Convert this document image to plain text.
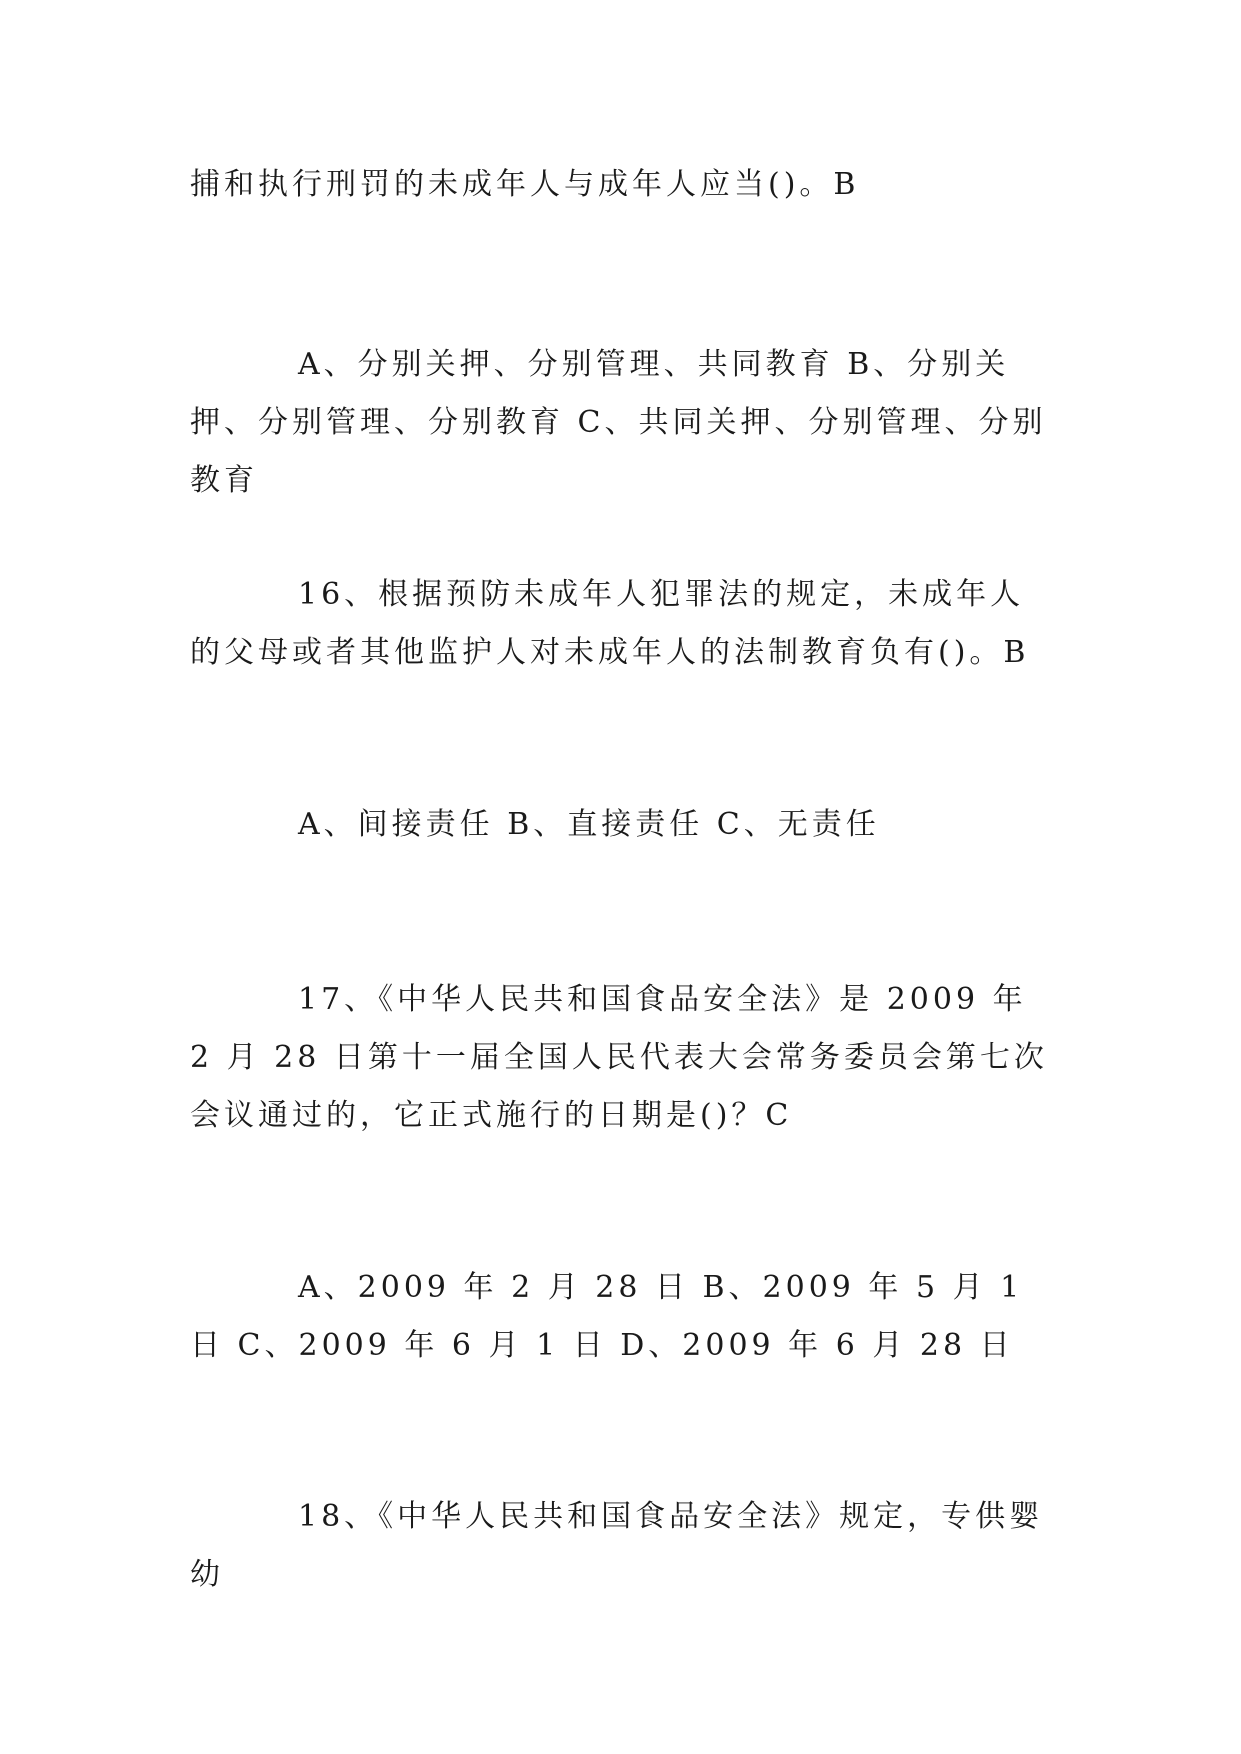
捕和执行刑罚的未成年人与成年人应当()。B

A、分别关押、分别管理、共同教育 B、分别关押、分别管理、分别教育 C、共同关押、分别管理、分别教育

16、根据预防未成年人犯罪法的规定，未成年人的父母或者其他监护人对未成年人的法制教育负有()。B

A、间接责任 B、直接责任 C、无责任

17、《中华人民共和国食品安全法》是 2009 年 2 月 28 日第十一届全国人民代表大会常务委员会第七次会议通过的，它正式施行的日期是()？C

A、2009 年 2 月 28 日 B、2009 年 5 月 1 日 C、2009 年 6 月 1 日 D、2009 年 6 月 28 日

18、《中华人民共和国食品安全法》规定，专供婴幼
